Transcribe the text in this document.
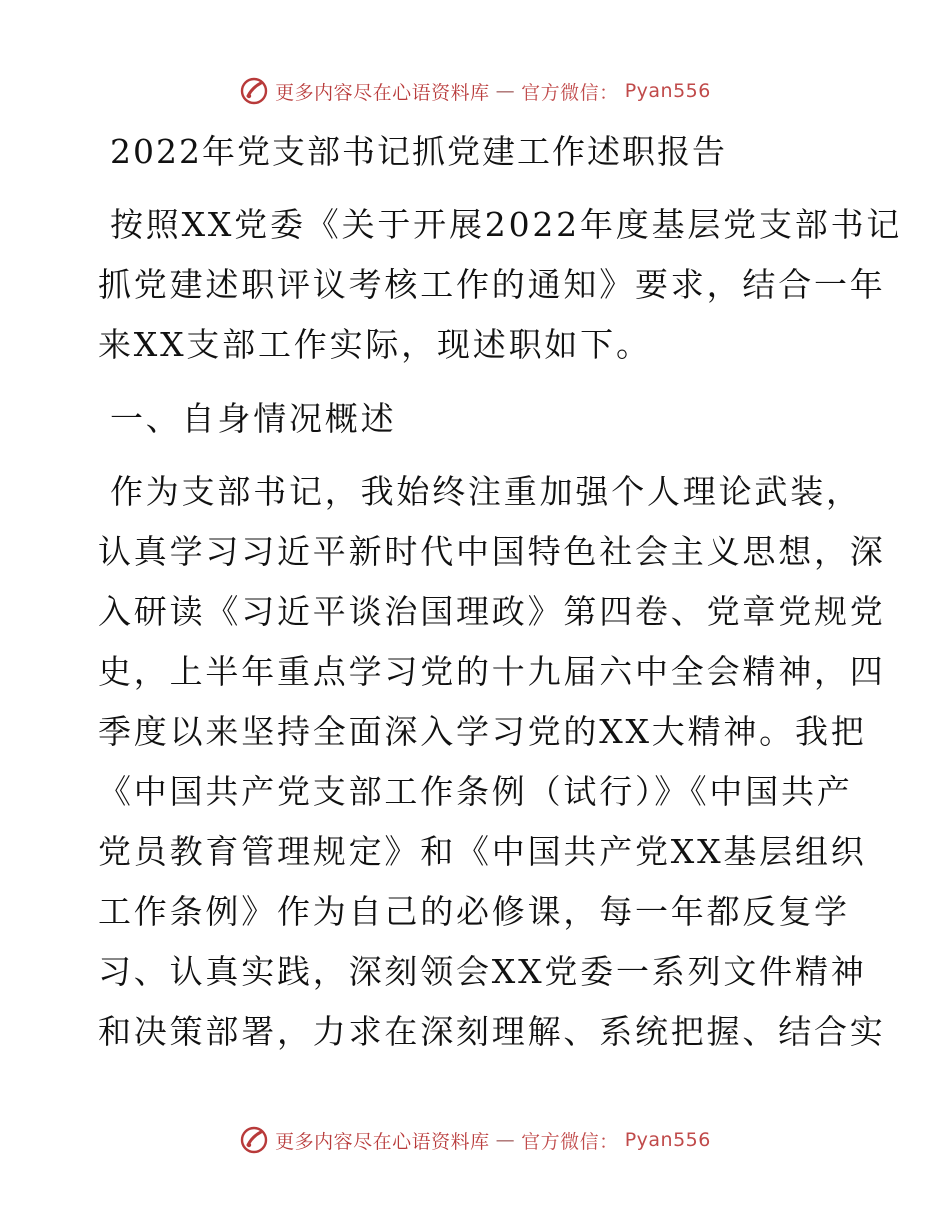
更多内容尽在心语资料库 — 官方微信： Pyan556
2022年党支部书记抓党建工作述职报告

按照XX党委《关于开展2022年度基层党支部书记

抓党建述职评议考核工作的通知》要求，结合一年

来XX支部工作实际，现述职如下。

一、自身情况概述

作为支部书记，我始终注重加强个人理论武装，

认真学习习近平新时代中国特色社会主义思想，深

入研读《习近平谈治国理政》第四卷、党章党规党

史，上半年重点学习党的十九届六中全会精神，四

季度以来坚持全面深入学习党的XX大精神。我把

《中国共产党支部工作条例（试行）》《中国共产

党员教育管理规定》和《中国共产党XX基层组织

工作条例》作为自己的必修课，每一年都反复学

习、认真实践，深刻领会XX党委一系列文件精神

和决策部署，力求在深刻理解、系统把握、结合实

更多内容尽在心语资料库 — 官方微信： Pyan556
